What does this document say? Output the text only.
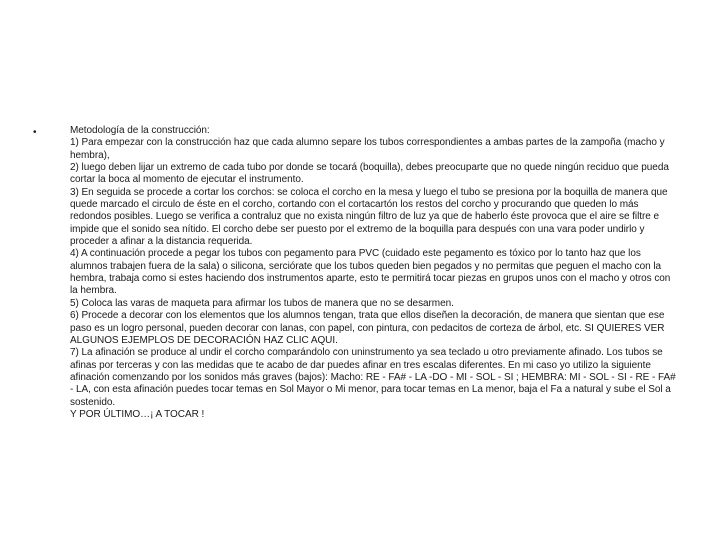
•	Metodología de la construcción:

1) Para empezar con la construcción haz que cada alumno separe los tubos correspondientes a ambas partes de la zampoña (macho y hembra),

2) luego deben lijar un extremo de cada tubo por donde se tocará (boquilla), debes preocuparte que no quede ningún reciduo que pueda cortar la boca al momento de ejecutar el instrumento.

3) En seguida se procede a cortar los corchos: se coloca el corcho en la mesa y luego el tubo se presiona por la boquilla de manera que quede marcado el circulo de éste en el corcho, cortando con el cortacartón los restos del corcho y procurando que queden lo más redondos posibles. Luego se verifica a contraluz que no exista ningún filtro de luz ya que de haberlo éste provoca que el aire se filtre e impide que el sonido sea nítido. El corcho debe ser puesto por el extremo de la boquilla para después con una vara poder undirlo y proceder a afinar a la distancia requerida.

4) A continuación procede a pegar los tubos con pegamento para PVC (cuidado este pegamento es tóxico por lo tanto haz que los alumnos trabajen fuera de la sala) o silicona, serciórate que los tubos queden bien pegados y no permitas que peguen el macho con la hembra, trabaja como si estes haciendo dos instrumentos aparte, esto te permitirá tocar piezas en grupos unos con el macho y otros con la hembra.

5) Coloca las varas de maqueta para afirmar los tubos de manera que no se desarmen.

6) Procede a decorar con los elementos que los alumnos tengan, trata que ellos diseñen la decoración, de manera que sientan que ese paso es un logro personal, pueden decorar con lanas, con papel, con pintura, con pedacitos de corteza de árbol, etc. SI QUIERES VER ALGUNOS EJEMPLOS DE DECORACIÓN HAZ CLIC AQUI.

7) La afinación se produce al undir el corcho comparándolo con uninstrumento ya sea teclado u otro previamente afinado. Los tubos se afinas por terceras y con las medidas que te acabo de dar puedes afinar en tres escalas diferentes. En mi caso yo utilizo la siguiente afinación comenzando por los sonidos más graves (bajos): Macho: RE - FA# - LA -DO - MI - SOL - SI ; HEMBRA: MI - SOL - SI - RE - FA# - LA, con esta afinación puedes tocar temas en Sol Mayor o Mi menor, para tocar temas en La menor, baja el Fa a natural y sube el Sol a sostenido.

Y POR ÚLTIMO…¡ A TOCAR !
